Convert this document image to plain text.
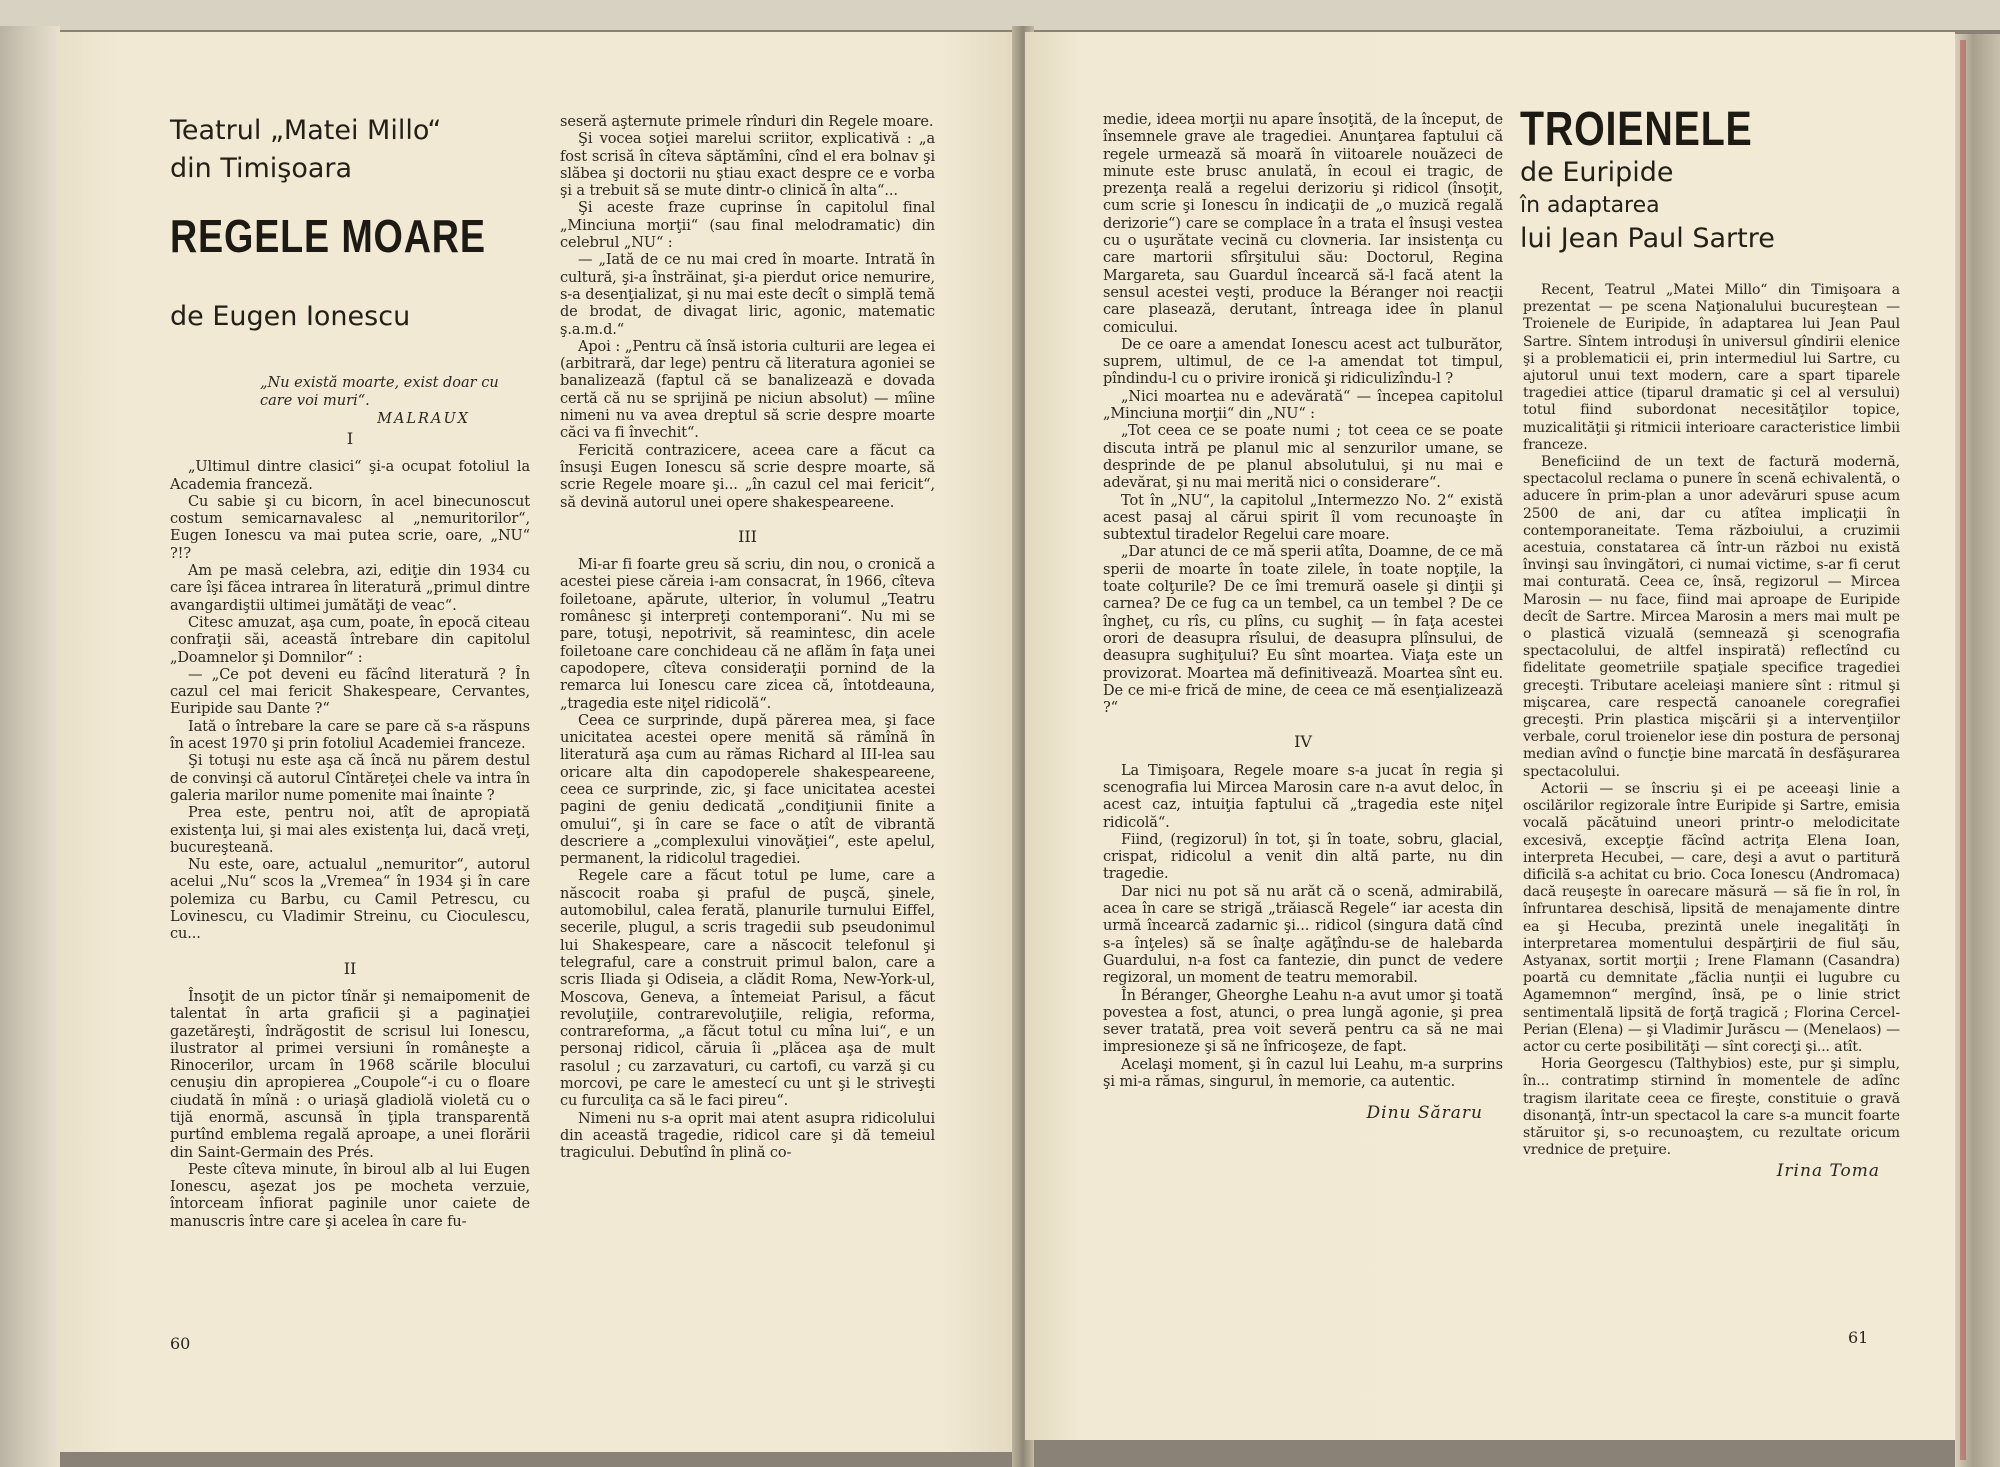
Teatrul „Matei Millo“

din Timişoara

REGELE MOARE

de Eugen Ionescu

„Nu există moarte, exist doar cu care voi muri“.
MALRAUX
I

„Ultimul dintre clasici“ şi-a ocupat fotoliul la Academia franceză.

Cu sabie şi cu bicorn, în acel binecunoscut costum semicarnavalesc al „nemuritorilor“, Eugen Ionescu va mai putea scrie, oare, „NU“ ?!?

Am pe masă celebra, azi, ediţie din 1934 cu care îşi făcea intrarea în literatură „primul dintre avangardiştii ultimei jumătăţi de veac“.

Citesc amuzat, aşa cum, poate, în epocă citeau confraţii săi, această întrebare din capitolul „Doamnelor şi Domnilor“ :

— „Ce pot deveni eu făcînd literatură ? În cazul cel mai fericit Shakespeare, Cervantes, Euripide sau Dante ?“

Iată o întrebare la care se pare că s-a răspuns în acest 1970 şi prin fotoliul Academiei franceze.

Şi totuşi nu este aşa că încă nu părem destul de convinşi că autorul Cîntăreţei chele va intra în galeria marilor nume pomenite mai înainte ?

Prea este, pentru noi, atît de apropiată existenţa lui, şi mai ales existenţa lui, dacă vreţi, bucureşteană.

Nu este, oare, actualul „nemuritor“, autorul acelui „Nu“ scos la „Vremea“ în 1934 şi în care polemiza cu Barbu, cu Camil Petrescu, cu Lovinescu, cu Vladimir Streinu, cu Cioculescu, cu...

II

Însoţit de un pictor tînăr şi nemaipomenit de talentat în arta graficii şi a paginaţiei gazetăreşti, îndrăgostit de scrisul lui Ionescu, ilustrator al primei versiuni în româneşte a Rinocerilor, urcam în 1968 scările blocului cenuşiu din apropierea „Coupole“-i cu o floare ciudată în mînă : o uriaşă gladiolă violetă cu o tijă enormă, ascunsă în ţipla transparentă purtînd emblema regală aproape, a unei florării din Saint-Germain des Prés.

Peste cîteva minute, în biroul alb al lui Eugen Ionescu, aşezat jos pe mocheta verzuie, întorceam înfiorat paginile unor caiete de manuscris între care şi acelea în care fu-

seseră aşternute primele rînduri din Regele moare.

Şi vocea soţiei marelui scriitor, explicativă : „a fost scrisă în cîteva săptămîni, cînd el era bolnav şi slăbea şi doctorii nu ştiau exact despre ce e vorba şi a trebuit să se mute dintr-o clinică în alta“...

Şi aceste fraze cuprinse în capitolul final „Minciuna morţii“ (sau final melodramatic) din celebrul „NU“ :

— „Iată de ce nu mai cred în moarte. Intrată în cultură, şi-a înstrăinat, şi-a pierdut orice nemurire, s-a desenţializat, şi nu mai este decît o simplă temă de brodat, de divagat liric, agonic, matematic ş.a.m.d.“

Apoi : „Pentru că însă istoria culturii are legea ei (arbitrară, dar lege) pentru că literatura agoniei se banalizează (faptul că se banalizează e dovada certă că nu se sprijină pe niciun absolut) — mîine nimeni nu va avea dreptul să scrie despre moarte căci va fi învechit“.

Fericită contrazicere, aceea care a făcut ca însuşi Eugen Ionescu să scrie despre moarte, să scrie Regele moare şi... „în cazul cel mai fericit“, să devină autorul unei opere shakespeareene.

III

Mi-ar fi foarte greu să scriu, din nou, o cronică a acestei piese căreia i-am consacrat, în 1966, cîteva foiletoane, apărute, ulterior, în volumul „Teatru românesc şi interpreţi contemporani“. Nu mi se pare, totuşi, nepotrivit, să reamintesc, din acele foiletoane care conchideau că ne aflăm în faţa unei capodopere, cîteva consideraţii pornind de la remarca lui Ionescu care zicea că, întotdeauna, „tragedia este niţel ridicolă“.

Ceea ce surprinde, după părerea mea, şi face unicitatea acestei opere menită să rămînă în literatură aşa cum au rămas Richard al III-lea sau oricare alta din capodoperele shakespeareene, ceea ce surprinde, zic, şi face unicitatea acestei pagini de geniu dedicată „condiţiunii finite a omului“, şi în care se face o atît de vibrantă descriere a „complexului vinovăţiei“, este apelul, permanent, la ridicolul tragediei.

Regele care a făcut totul pe lume, care a născocit roaba şi praful de puşcă, şinele, automobilul, calea ferată, planurile turnului Eiffel, secerile, plugul, a scris tragedii sub pseudonimul lui Shakespeare, care a născocit telefonul şi telegraful, care a construit primul balon, care a scris Iliada şi Odiseia, a clădit Roma, New-York-ul, Moscova, Geneva, a întemeiat Parisul, a făcut revoluţiile, contrarevoluţiile, religia, reforma, contrareforma, „a făcut totul cu mîna lui“, e un personaj ridicol, căruia îi „plăcea aşa de mult rasolul ; cu zarzavaturi, cu cartofi, cu varză şi cu morcovi, pe care le amestecí cu unt şi le striveşti cu furculiţa ca să le faci pireu“.

Nimeni nu s-a oprit mai atent asupra ridicolului din această tragedie, ridicol care şi dă temeiul tragicului. Debutînd în plină co-

60

medie, ideea morţii nu apare însoţită, de la început, de însemnele grave ale tragediei. Anunţarea faptului că regele urmează să moară în viitoarele nouăzeci de minute este brusc anulată, în ecoul ei tragic, de prezenţa reală a regelui derizoriu şi ridicol (însoţit, cum scrie şi Ionescu în indicaţii de „o muzică regală derizorie“) care se complace în a trata el însuşi vestea cu o uşurătate vecină cu clovneria. Iar insistenţa cu care martorii sfîrşitului său: Doctorul, Regina Margareta, sau Guardul încearcă să-l facă atent la sensul acestei veşti, produce la Béranger noi reacţii care plasează, derutant, întreaga idee în planul comicului.

De ce oare a amendat Ionescu acest act tulburător, suprem, ultimul, de ce l-a amendat tot timpul, pîndindu-l cu o privire ironică şi ridiculizîndu-l ?

„Nici moartea nu e adevărată“ — începea capitolul „Minciuna morţii“ din „NU“ :

„Tot ceea ce se poate numi ; tot ceea ce se poate discuta intră pe planul mic al senzurilor umane, se desprinde de pe planul absolutului, şi nu mai e adevărat, şi nu mai merită nici o considerare“.

Tot în „NU“, la capitolul „Intermezzo No. 2“ există acest pasaj al cărui spirit îl vom recunoaşte în subtextul tiradelor Regelui care moare.

„Dar atunci de ce mă sperii atîta, Doamne, de ce mă sperii de moarte în toate zilele, în toate nopţile, la toate colţurile? De ce îmi tremură oasele şi dinţii şi carnea? De ce fug ca un tembel, ca un tembel ? De ce îngheţ, cu rîs, cu plîns, cu sughiţ — în faţa acestei orori de deasupra rîsului, de deasupra plînsului, de deasupra sughiţului? Eu sînt moartea. Viaţa este un provizorat. Moartea mă definitivează. Moartea sînt eu. De ce mi-e frică de mine, de ceea ce mă esenţializează ?“

IV

La Timişoara, Regele moare s-a jucat în regia şi scenografia lui Mircea Marosin care n-a avut deloc, în acest caz, intuiţia faptului că „tragedia este niţel ridicolă“.

Fiind, (regizorul) în tot, şi în toate, sobru, glacial, crispat, ridicolul a venit din altă parte, nu din tragedie.

Dar nici nu pot să nu arăt că o scenă, admirabilă, acea în care se strigă „trăiască Regele“ iar acesta din urmă încearcă zadarnic şi... ridicol (singura dată cînd s-a înţeles) să se înalţe agăţîndu-se de halebarda Guardului, n-a fost ca fantezie, din punct de vedere regizoral, un moment de teatru memorabil.

În Béranger, Gheorghe Leahu n-a avut umor şi toată povestea a fost, atunci, o prea lungă agonie, şi prea sever tratată, prea voit severă pentru ca să ne mai impresioneze şi să ne înfricoşeze, de fapt.

Acelaşi moment, şi în cazul lui Leahu, m-a surprins şi mi-a rămas, singurul, în memorie, ca autentic.

Dinu Săraru

TROIENELE

de Euripide

în adaptarea

lui Jean Paul Sartre

Recent, Teatrul „Matei Millo“ din Timişoara a prezentat — pe scena Naţionalului bucureştean — Troienele de Euripide, în adaptarea lui Jean Paul Sartre. Sîntem introduşi în universul gîndirii elenice şi a problematicii ei, prin intermediul lui Sartre, cu ajutorul unui text modern, care a spart tiparele tragediei attice (tiparul dramatic şi cel al versului) totul fiind subordonat necesităţilor topice, muzicalităţii şi ritmicii interioare caracteristice limbii franceze.

Beneficiind de un text de factură modernă, spectacolul reclama o punere în scenă echivalentă, o aducere în prim-plan a unor adevăruri spuse acum 2500 de ani, dar cu atîtea implicaţii în contemporaneitate. Tema războiului, a cruzimii acestuia, constatarea că într-un război nu există învinşi sau învingători, ci numai victime, s-ar fi cerut mai conturată. Ceea ce, însă, regizorul — Mircea Marosin — nu face, fiind mai aproape de Euripide decît de Sartre. Mircea Marosin a mers mai mult pe o plastică vizuală (semnează şi scenografia spectacolului, de altfel inspirată) reflectînd cu fidelitate geometriile spaţiale specifice tragediei greceşti. Tributare aceleiaşi maniere sînt : ritmul şi mişcarea, care respectă canoanele coregrafiei greceşti. Prin plastica mişcării şi a intervenţiilor verbale, corul troienelor iese din postura de personaj median avînd o funcţie bine marcată în desfăşurarea spectacolului.

Actorii — se înscriu şi ei pe aceeaşi linie a oscilărilor regizorale între Euripide şi Sartre, emisia vocală păcătuind uneori printr-o melodicitate excesivă, excepţie făcînd actriţa Elena Ioan, interpreta Hecubei, — care, deşi a avut o partitură dificilă s-a achitat cu brio. Coca Ionescu (Andromaca) dacă reuşeşte în oarecare măsură — să fie în rol, în înfruntarea deschisă, lipsită de menajamente dintre ea şi Hecuba, prezintă unele inegalităţi în interpretarea momentului despărţirii de fiul său, Astyanax, sortit morţii ; Irene Flamann (Casandra) poartă cu demnitate „făclia nunţii ei lugubre cu Agamemnon“ mergînd, însă, pe o linie strict sentimentală lipsită de forţă tragică ; Florina Cercel-Perian (Elena) — şi Vladimir Jurăscu — (Menelaos) — actor cu certe posibilităţi — sînt corecţi şi... atît.

Horia Georgescu (Talthybios) este, pur şi simplu, în... contratimp stirnind în momentele de adînc tragism ilaritate ceea ce fireşte, constituie o gravă disonanţă, într-un spectacol la care s-a muncit foarte stăruitor şi, s-o recunoaştem, cu rezultate oricum vrednice de preţuire.

Irina Toma
61
